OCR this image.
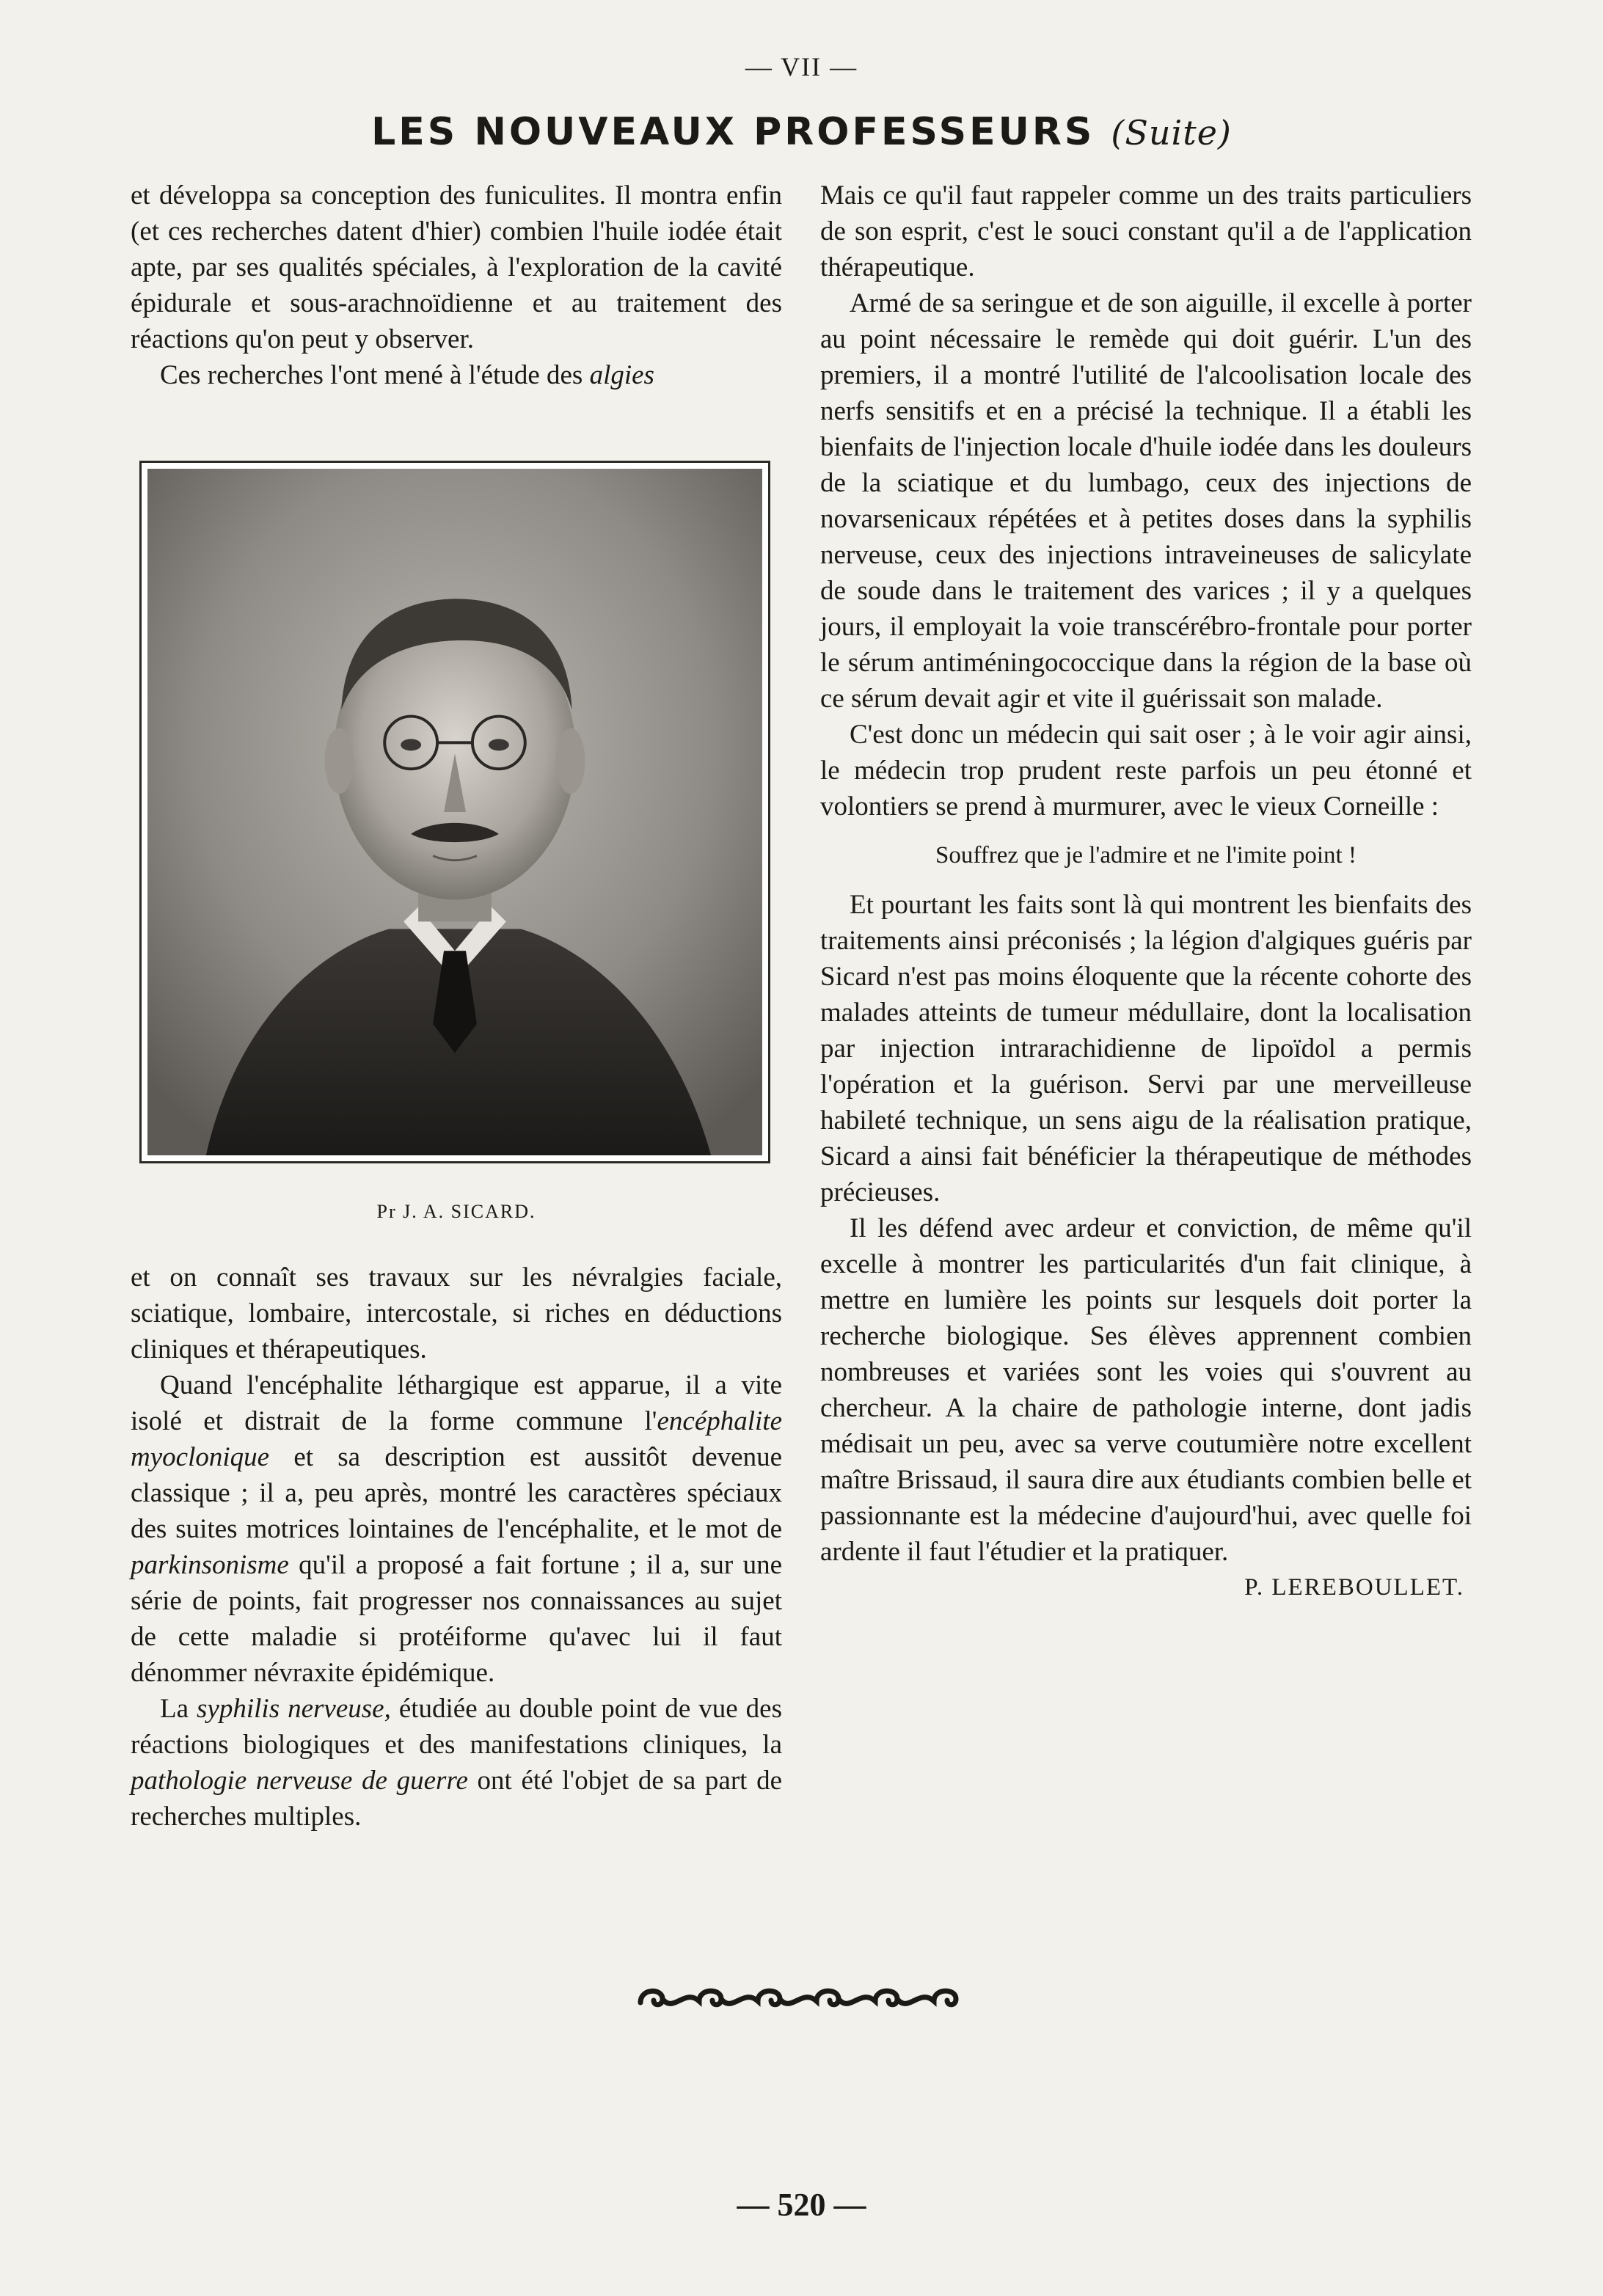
— VII —
LES NOUVEAUX PROFESSEURS (Suite)

et développa sa conception des funiculites. Il montra enfin (et ces recherches datent d'hier) combien l'huile iodée était apte, par ses qualités spéciales, à l'exploration de la cavité épidurale et sous-arachnoïdienne et au traitement des réactions qu'on peut y observer.

Ces recherches l'ont mené à l'étude des algies

Pr J. A. SICARD.

et on connaît ses travaux sur les névralgies faciale, sciatique, lombaire, intercostale, si riches en déductions cliniques et thérapeutiques.

Quand l'encéphalite léthargique est apparue, il a vite isolé et distrait de la forme commune l'encéphalite myoclonique et sa description est aussitôt devenue classique ; il a, peu après, montré les caractères spéciaux des suites motrices lointaines de l'encéphalite, et le mot de parkinsonisme qu'il a proposé a fait fortune ; il a, sur une série de points, fait progresser nos connaissances au sujet de cette maladie si protéiforme qu'avec lui il faut dénommer névraxite épidémique.

La syphilis nerveuse, étudiée au double point de vue des réactions biologiques et des manifestations cliniques, la pathologie nerveuse de guerre ont été l'objet de sa part de recherches multiples.

Mais ce qu'il faut rappeler comme un des traits particuliers de son esprit, c'est le souci constant qu'il a de l'application thérapeutique.

Armé de sa seringue et de son aiguille, il excelle à porter au point nécessaire le remède qui doit guérir. L'un des premiers, il a montré l'utilité de l'alcoolisation locale des nerfs sensitifs et en a précisé la technique. Il a établi les bienfaits de l'injection locale d'huile iodée dans les douleurs de la sciatique et du lumbago, ceux des injections de novarsenicaux répétées et à petites doses dans la syphilis nerveuse, ceux des injections intraveineuses de salicylate de soude dans le traitement des varices ; il y a quelques jours, il employait la voie transcérébro-frontale pour porter le sérum antiméningococcique dans la région de la base où ce sérum devait agir et vite il guérissait son malade.

C'est donc un médecin qui sait oser ; à le voir agir ainsi, le médecin trop prudent reste parfois un peu étonné et volontiers se prend à murmurer, avec le vieux Corneille :

Souffrez que je l'admire et ne l'imite point !

Et pourtant les faits sont là qui montrent les bienfaits des traitements ainsi préconisés ; la légion d'algiques guéris par Sicard n'est pas moins éloquente que la récente cohorte des malades atteints de tumeur médullaire, dont la localisation par injection intrarachidienne de lipoïdol a permis l'opération et la guérison. Servi par une merveilleuse habileté technique, un sens aigu de la réalisation pratique, Sicard a ainsi fait bénéficier la thérapeutique de méthodes précieuses.

Il les défend avec ardeur et conviction, de même qu'il excelle à montrer les particularités d'un fait clinique, à mettre en lumière les points sur lesquels doit porter la recherche biologique. Ses élèves apprennent combien nombreuses et variées sont les voies qui s'ouvrent au chercheur. A la chaire de pathologie interne, dont jadis médisait un peu, avec sa verve coutumière notre excellent maître Brissaud, il saura dire aux étudiants combien belle et passionnante est la médecine d'aujourd'hui, avec quelle foi ardente il faut l'étudier et la pratiquer.

P. LEREBOULLET.

— 520 —
